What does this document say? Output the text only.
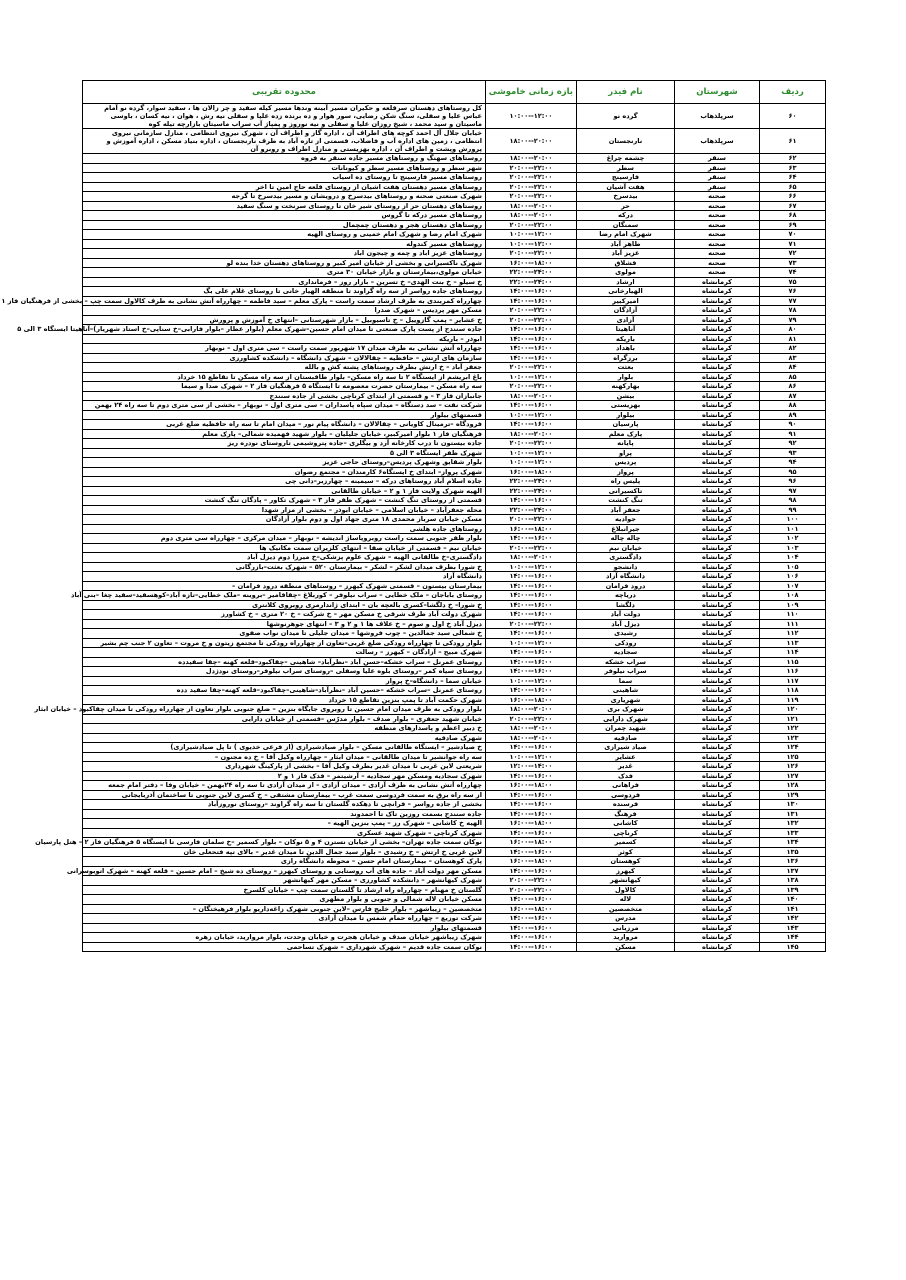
ردیف	شهرستان	نام فیدر	بازه زمانی خاموشی	محدوده تقریبی
۶۰	سرپلذهاب	گرده نو	۱۰:۰۰--۱۲:۰۰	کل روستاهای دهستان سرقلعه و حکیران مسیر آبینه وندها مسیر کیله سفید و چر زالان ها ، سفید سوار، گرده نو آمام عباس علیا و سفلی، سنگ شکن رضایی، سور هوار و ده برنده زده علیا و سفلی نیه رش ، هوان ، نیه کسان ، باوسی ماسیتان و سید محمد ، شیخ روزان علیا و سفلی و نیه نوروز و پمپاژ آب سراب ماسیتان بازارچه تیله کوه
۶۱	سرپلذهاب	نارنجستان	۱۸:۰۰--۲۰:۰۰	خیابان جلال آل احمد کوچه های اطراف آن ، اداره گاز و اطراف آن ، شهرک نیروی انتظامی ، منازل سازمانی نیروی انتظامی ، زمین های اداره آب و فاضلاب، قسمتی از تازه آباد به طرف نارنجستان ، اداره بنیاد مسکن ، اداره آموزش و پرورش وپشت و اطراف آن ، اداره بهزیستی و منازل اطراف و روبرو آن
۶۲	سنقر	چشمه چراغ	۱۸:۰۰--۲۰:۰۰	روستاهای سهنگ و روستاهای مسیر جاده سنقر به فروه
۶۳	سنقر	سطر	۲۰:۰۰--۲۲:۰۰	شهر سطر و روستاهای مسیر سطر و کیونانات
۶۴	سنقر	فارسینج	۲۰:۰۰--۲۲:۰۰	روستاهای مسیر فارسینج تا روستای ده اسیاب
۶۵	سنقر	هفت آشیان	۲۰:۰۰--۲۲:۰۰	روستاهای مسیر دهستان هفت اشیان از روستای قلعه حاج امین تا اخر
۶۶	صحنه	بیدسرخ	۲۰:۰۰--۲۲:۰۰	شهرک صنعتی صحنه و روستاهای بیدسرخ و درویشان و مسیر بیدسرخ تا گرجه
۶۷	صحنه	حر	۱۸:۰۰--۲۰:۰۰	روستاهای دهستان حر از روستای شیر خان تا روستای سرنخت و سنگ سفید
۶۸	صحنه	درکه	۱۸:۰۰--۲۰:۰۰	روستاهای مسیر درکه تا گروس
۶۹	صحنه	سمنگان	۲۰:۰۰--۲۲:۰۰	روستاهای دهستان هجر و دهستان چمچمال
۷۰	صحنه	شهرک امام رضا	۱۰:۰۰--۱۲:۰۰	شهرک امام رضا و شهرک امام خمینی و روستای الهیه
۷۱	صحنه	طاهر آباد	۱۰:۰۰--۱۲:۰۰	روستاهای مسیر کندوله
۷۲	صحنه	عزیز آباد	۲۰:۰۰--۲۲:۰۰	روستاهای عزیز اباد و چمه و چیجون اباد
۷۳	صحنه	قشلاق	۱۶:۰۰--۱۸:۰۰	شهرک ناکسیرانی و بخشی از خیابان امیر کبیر و روستاهای دهستان خدا بنده لو
۷۴	صحنه	مولوی	۲۲:۰۰--۲۴:۰۰	خیابان مولوی،بیمارستان و بازار خیابان ۳۰ متری
۷۵	کرمانشاه	ارشاد	۲۲:۰۰--۲۴:۰۰	خ سیلو – خ بنت الهدی– خ تسرین – بازار روز – فرمانداری
۷۶	کرمانشاه	الهیارخانی	۱۴:۰۰--۱۶:۰۰	روستاهای جاده رواسر از سه راه گراوند تا منطقه الهیار خانی تا روستای غلام علی بگ
۷۷	کرمانشاه	امیرکبیر	۱۴:۰۰--۱۶:۰۰	چهارراه کمربندی به طرف ارشاد سمت راست – پارک معلم – سید فاطمه – چهارراه آتش نشانی به طرف کالاول سمت چپ – بخشی از فرهنگیان فاز ۱
۷۸	کرمانشاه	آزادگان	۲۰:۰۰--۲۲:۰۰	مسکن مهر پردیس – شهرک صدرا
۷۹	کرمانشاه	آزادی	۲۰:۰۰--۲۲:۰۰	خ عشایر – پمپ گازوییل – خ تاسیوبیل – بازار شهرستانی –انتهای خ آموزش و پرورش
۸۰	کرمانشاه	آناهیتا	۱۴:۰۰--۱۶:۰۰	جاده سنندج از پست پارک صنعتی تا میدان امام حسین–شهرک معلم (بلوار عطار –بلوار فارابی–خ سناپی–خ استاد شهریار)–آناهیتا ایستگاه ۳ الی ۵
۸۱	کرمانشاه	باریکه	۱۴:۰۰--۱۶:۰۰	ابوذر – باریکه
۸۲	کرمانشاه	باهداد	۱۴:۰۰--۱۶:۰۰	چهارراه آتش نشانی به طرف میدان ۱۷ شهریور سمت راست – سی متری اول – نوبهار
۸۳	کرمانشاه	برزگراه	۱۴:۰۰--۱۶:۰۰	سازمان های ارتش – حافظیه – چقالالان – شهرک دانشگاه – دانشکده کشاورزی
۸۴	کرمانشاه	بعثت	۲۰:۰۰--۲۲:۰۰	جعفر آباد – خ ارتش بطرف روستاهای پشته کش و بالله
۸۵	کرمانشاه	بلوار	۱۰:۰۰--۱۲:۰۰	باغ ابریشم از ایستگاه ۲ تا سه راه مسکن– بلوار طاقبستان از سه راه مسکن تا تقاطع ۱۵ خرداد
۸۶	کرمانشاه	بهارکهنه	۲۰:۰۰--۲۲:۰۰	سه راه مسکن – بیمارستان حضرت معصومه تا ایستگاه ۵ فرهنگیان فاز ۲ – شهرک صدا و سیما
۸۷	کرمانشاه	بیشن	۱۸:۰۰--۲۰:۰۰	جانبازان فاز ۳ – و قسمتی از ابتدای کرناچی بخشی از جاده سنندج
۸۸	کرمانشاه	بهزیستی	۱۴:۰۰--۱۶:۰۰	شرکت نفت – سد دستگاه – میدان سپاه پاسداران – سی متری اول – نوبهار – بخشی از سی متری دوم تا سه راه ۲۴ بهمن
۸۹	کرمانشاه	بیلوار	۱۰:۰۰--۱۲:۰۰	قسمتهای بیلوار
۹۰	کرمانشاه	پارسیان	۱۴:۰۰--۱۶:۰۰	فرودگاه –ترمینال کاویانی – چقالالان – دانشگاه پیام نور – میدان امام تا سه راه حافظیه ضلع غربی
۹۱	کرمانشاه	پارک معلم	۱۸:۰۰--۲۰:۰۰	فرهنگیان فاز ۱ بلوار امیرکبیر، خیابان جلیلیان – بلوار شهید فهمیده شمالی– پارک معلم
۹۲	کرمانشاه	پایانه	۲۰:۰۰--۲۲:۰۰	جاده بیستون تا درب کارخانه آرد و بیگلری –جاده پتروشیمی تاروستای نودره ریز
۹۳	کرمانشاه	پراو	۱۰:۰۰--۱۲:۰۰	شهرک ظفر ایستگاه ۳ الی ۵
۹۴	کرمانشاه	پردیس	۱۰:۰۰--۱۲:۰۰	بلوار شقایق وشهرک پردیس–روستای حاجی عزیز
۹۵	کرمانشاه	پرواز	۱۶:۰۰--۱۸:۰۰	شهرک پرواز– ابتدای خ ایستگاه۶ کارمندان – مجتمع رضوان
۹۶	کرمانشاه	پلیس راه	۲۲:۰۰--۲۴:۰۰	جاده اسلام آباد روستاهای درکه – سیمینه – چهارزبر–دانی چی
۹۷	کرمانشاه	تاکسیرانی	۲۲:۰۰--۲۴:۰۰	الهیه شهرک ولایت فاز ۱ و ۲ – خیابان طالقانی
۹۸	کرمانشاه	تنگ کنشت	۱۴:۰۰--۱۶:۰۰	قسمتی از روستای تنگ کنشت – شهرک ظفر فاز ۳ – شهرک تکاور – پادگان تنگ کنشت
۹۹	کرمانشاه	جعفر آباد	۲۲:۰۰--۲۴:۰۰	محله جعفرآباد – خیابان اسلامی – خیابان ابوذر – بخشی از مزار شهدا
۱۰۰	کرمانشاه	جوادیه	۲۰:۰۰--۲۲:۰۰	مسکن خیابان سرباز محمدی ۱۸ متری جهاد اول و دوم بلوار آزادگان
۱۰۱	کرمانشاه	جیرانبلاغ	۱۶:۰۰--۱۸:۰۰	روستاهای جاده هلشی
۱۰۲	کرمانشاه	چاله چاله	۱۴:۰۰--۱۶:۰۰	بلوار ظفر جنوبی سمت راست روبروپاساژ اندیشه – نوبهار – میدان مرکزی – چهارراه سی متری دوم
۱۰۳	کرمانشاه	خیابان نیم	۲۰:۰۰--۲۲:۰۰	خیابان نیم – قسمتی از خیابان صفا – انتهای کلزیران سمت مکانیک ها
۱۰۴	کرمانشاه	دادگستری	۱۸:۰۰--۲۰:۰۰	دادگستری–خ طالقانی الهیه – شهرک علوم پزشکی–خ میرزا دوم دیزل آباد
۱۰۵	کرمانشاه	دانشجو	۱۰:۰۰--۱۲:۰۰	خ شورا بطرف میدان لشکر – لشکر – بیمارستان ۵۲۰ – شهرک بعثت–بازرگانی
۱۰۶	کرمانشاه	دانشگاه آزاد	۱۴:۰۰--۱۶:۰۰	دانشگاه آزاد
۱۰۷	کرمانشاه	درود فرامان	۱۴:۰۰--۱۶:۰۰	بیمارستان بیستون – قسمتی شهرک کیهرز – روستاهای منطقه درود فرامان –
۱۰۸	کرمانشاه	دریاچه	۱۴:۰۰--۱۶:۰۰	روستای باباجان – ملک خطایی – سراب نیلوفر – کوربلاغ –چقاقامیر –بروینه –ملک خطایی–تازه آباد–کوهسفید–سفید چغا –بنی آباد
۱۰۹	کرمانشاه	دلگشا	۱۴:۰۰--۱۶:۰۰	خ شورا– خ دلگشا–کسری بالعچه بان – ابتدای ژاندارمری روبروی کلانتری
۱۱۰	کرمانشاه	دولت آباد	۱۴:۰۰--۱۶:۰۰	شهرک دولت آباد طرف شرقی خ مسکن مهر – خ شرکت – خ ۲۰ متری – خ کشاورز
۱۱۱	کرمانشاه	دیزل آباد	۲۰:۰۰--۲۲:۰۰	دیزل آباد خ اول و سوم – خ علاف ها ۱ و ۲ و ۳ – انتهای جوهرنوشها
۱۱۲	کرمانشاه	رشیدی	۱۴:۰۰--۱۶:۰۰	خ شمالی سید جمالدین – چوب فروشها – میدان جلیلی تا میدان نواب صفوی
۱۱۳	کرمانشاه	رودکی	۱۰:۰۰--۱۲:۰۰	بلوار رودکی تا چهارراه رودکی ضلع غربی–تعاون از چهارراه رودکی تا مجتمع زیتون و خ مروت – تعاون ۲ جنب چم بشیر
۱۱۴	کرمانشاه	سجادیه	۱۴:۰۰--۱۶:۰۰	شهرک مبیح – آزادگان – کیهرز – رسالت
۱۱۵	کرمانشاه	سراب خشکه	۱۴:۰۰--۱۶:۰۰	روستای عمرنل – سراب خشکه–حسن آباد –نظرآباد– شاهینی –چقاکبود–قلعه کهنه –چقا سفیدده
۱۱۶	کرمانشاه	سراب نیلوفر	۱۴:۰۰--۱۶:۰۰	روستای سیاه کمر –روستای بلوه علیا وسفلی –روستای سراب نیلوفر–روستای نودژدل
۱۱۷	کرمانشاه	سما	۱۰:۰۰--۱۲:۰۰	خیابان سما – دانشگاه–خ پرواز
۱۱۸	کرمانشاه	شاهینی	۱۴:۰۰--۱۶:۰۰	روستای عمرنل –سراب خشکه –حسین آباد –نظرآباد–شاهینی–چقاکبود–قلعه کهنه–چقا سفید دده
۱۱۹	کرمانشاه	شهریاری	۱۶:۰۰--۱۸:۰۰	شهرک حکمت آباد تا پمپ بنزین تقاطع ۱۵ خرداد
۱۲۰	کرمانشاه	شهرک بری	۱۸:۰۰--۲۰:۰۰	بلوار رودکی به طرف میدان امام حسین تا روبروی جایگاه بنزین – ضلع جنوبی بلوار تعاون از چهارراه رودکی تا میدان چقاکبود – خیابان ابثار
۱۲۱	کرمانشاه	شهرک دارایی	۲۰:۰۰--۲۲:۰۰	خیابان شهید جعفری – بلوار صدف – بلوار مدرّس –قسمتی از خیابان دارایی
۱۲۲	کرمانشاه	شهید چمران	۱۸:۰۰--۲۰:۰۰	خ دبیر اعظم و پاسدارهای منطقه
۱۲۳	کرمانشاه	صادقیه	۱۸:۰۰--۲۰:۰۰	شهرک صادقیه
۱۲۴	کرمانشاه	صیاد شیرازی	۱۴:۰۰--۱۶:۰۰	خ صیادشیر – ایستگاه طالقانی مسکن – بلوار صیادشیرازی (از فرعی خدیوی ) تا پل صیادشیرازی)
۱۲۵	کرمانشاه	عشایر	۱۰:۰۰--۱۲:۰۰	سه راه جوانشیر تا میدان طالقانی – میدان ابثار – چهارراه وکیل آقا – خ ده مجنون –
۱۲۶	کرمانشاه	غدیر	۱۲:۰۰--۱۴:۰۰	شریعتی لاین غربی تا میدان غدیر بطرف وکیل آقا – بخشی از پارکینگ شهرداری
۱۲۷	کرمانشاه	فدک	۱۴:۰۰--۱۶:۰۰	شهرک سجادیه ومسکن مهر سجادیه – آرشیتمر – فدک فاز ۱ و ۲
۱۲۸	کرمانشاه	فراهانی	۱۶:۰۰--۱۸:۰۰	چهارراه آتش نشانی به طرف آزادی – میدان آزادی – از میدان آزادی تا سه راه ۲۴بهمن – خیابان وفا – دفتر امام جمعه
۱۲۹	کرمانشاه	فردوسی	۱۴:۰۰--۱۶:۰۰	از سه راه برق به سمت فردوسی سمت غرب – بیمارستان مشتقی – خ کسری لاین جنوبی تا ساختمان آذربایجانی
۱۳۰	کرمانشاه	فرسنده	۱۴:۰۰--۱۶:۰۰	بخشی از جاده رواسر – فرانچی تا دهکده گلستان تا سه راه گراوند –روستای نوروزآباد
۱۳۱	کرمانشاه	فرهنگ	۱۴:۰۰--۱۶:۰۰	جاده سنندج بسمت روزبن تاک تا احمدوند
۱۳۲	کرمانشاه	کاشانی	۱۶:۰۰--۱۸:۰۰	الهیه خ کاشانی – شهرک رز – پمپ بنزین الهیه –
۱۳۳	کرمانشاه	کرناچی	۱۴:۰۰--۱۶:۰۰	شهرک کرناچی – شهرک شهید عسکری
۱۳۴	کرمانشاه	کسمیر	۱۶:۰۰--۱۸:۰۰	نوکان سمت جاده تهران– بخشی از خیابان نسترن ۴ و ۵ نوکان – بلوار کسمیر –خ سلمان فارسی تا ایستگاه ۵ فرهنگیان فاز ۲ – هتل پارسیان
۱۳۵	کرمانشاه	کوثر	۱۴:۰۰--۱۶:۰۰	لاین غربی خ ارتش – خ رشیدی – بلوار سید جمال الدین تا میدان غدیر – بالای تپه فتحعلی خان
۱۳۶	کرمانشاه	کوهستان	۱۶:۰۰--۱۸:۰۰	پارک کوهستان – بیمارستان امام حسن – محوطه دانشگاه رازی
۱۳۷	کرمانشاه	کیهرز	۱۴:۰۰--۱۶:۰۰	مسکن مهر دولت آباد – جاده های آب روستایی و روستای کیهرز – روستای ده شیخ – امام حسین – قلعه کهنه – شهرک اتوبوسرانی
۱۳۸	کرمانشاه	کیهانشهر	۲۰:۰۰--۲۲:۰۰	شهرک کیهانشهر – دانشکده کشاورزی – مسکن مهر کیهانشهر
۱۳۹	کرمانشاه	کالاول	۲۰:۰۰--۲۲:۰۰	گلستان خ مهنام – چهارراه راه ارشاد تا گلستان سمت چپ – خیابان کلسرخ
۱۴۰	کرمانشاه	لاله	۱۴:۰۰--۱۶:۰۰	مسکن خیابان لاله شمالی و جنوبی و بلوار مطهری
۱۴۱	کرمانشاه	متخصصین	۱۶:۰۰--۱۸:۰۰	متخصصین – زیباشهر – بلوار خلیج فارس –لاین جنوبی شهرک زاغه‌داریو بلوار فرهیختگان –
۱۴۲	کرمانشاه	مدرس	۱۴:۰۰--۱۶:۰۰	شرکت توزیع – چهارراه حمام شمس تا میدان آزادی
۱۴۳	کرمانشاه	مرزبانی	۱۴:۰۰--۱۶:۰۰	قسمتهای بیلوار
۱۴۴	کرمانشاه	مروارید	۱۴:۰۰--۱۶:۰۰	شهرک زیباشهر خیابان صدف و خیابان هجرت و خیابان وحدت، بلوار مروارید، خیابان زهره
۱۴۵	کرمانشاه	مسکن	۱۴:۰۰--۱۶:۰۰	نوکان سمت جاده قدیم – شهرک شهرداری – شهرک تساحمی
